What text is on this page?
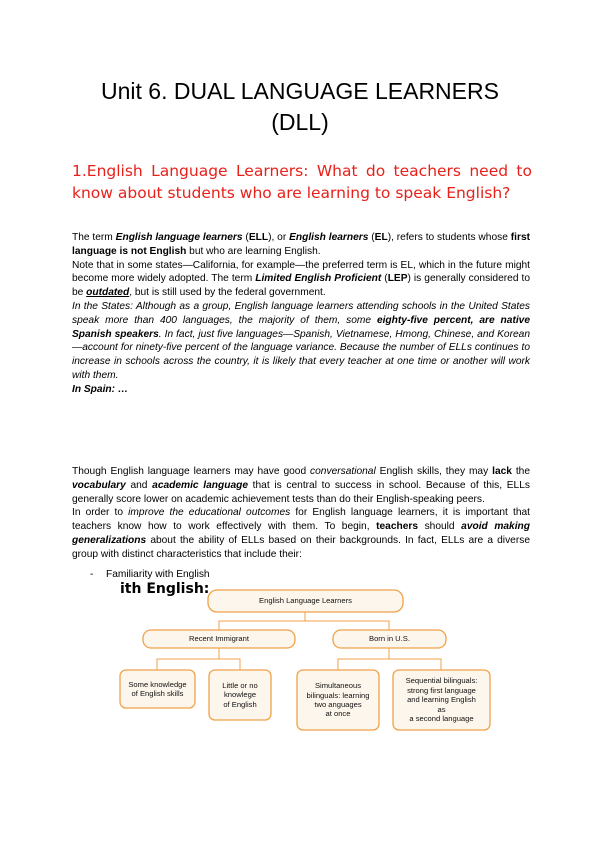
Unit 6. DUAL LANGUAGE LEARNERS
(DLL)
1.English Language Learners: What do teachers need to know about students who are learning to speak English?

The term English language learners (ELL), or English learners (EL), refers to students whose first language is not English but who are learning English.

Note that in some states—California, for example—the preferred term is EL, which in the future might become more widely adopted. The term Limited English Proficient (LEP) is generally considered to be outdated, but is still used by the federal government.

In the States: Although as a group, English language learners attending schools in the United States speak more than 400 languages, the majority of them, some eighty-five percent, are native Spanish speakers. In fact, just five languages—Spanish, Vietnamese, Hmong, Chinese, and Korean—account for ninety-five percent of the language variance. Because the number of ELLs continues to increase in schools across the country, it is likely that every teacher at one time or another will work with them.

In Spain: …

Though English language learners may have good conversational English skills, they may lack the vocabulary and academic language that is central to success in school. Because of this, ELLs generally score lower on academic achievement tests than do their English-speaking peers.

In order to improve the educational outcomes for English language learners, it is important that teachers know how to work effectively with them. To begin, teachers should avoid making generalizations about the ability of ELLs based on their backgrounds. In fact, ELLs are a diverse group with distinct characteristics that include their:

- Familiarity with English
ith English:
English Language Learners
Recent Immigrant	Born in U.S.
Some knowledge
of English skills
Little or no
knowlege
of English
Simultaneous
bilinguals: learning
two anguages
at once
Sequential bilinguals:
strong first language
and learning English
as
a second language
